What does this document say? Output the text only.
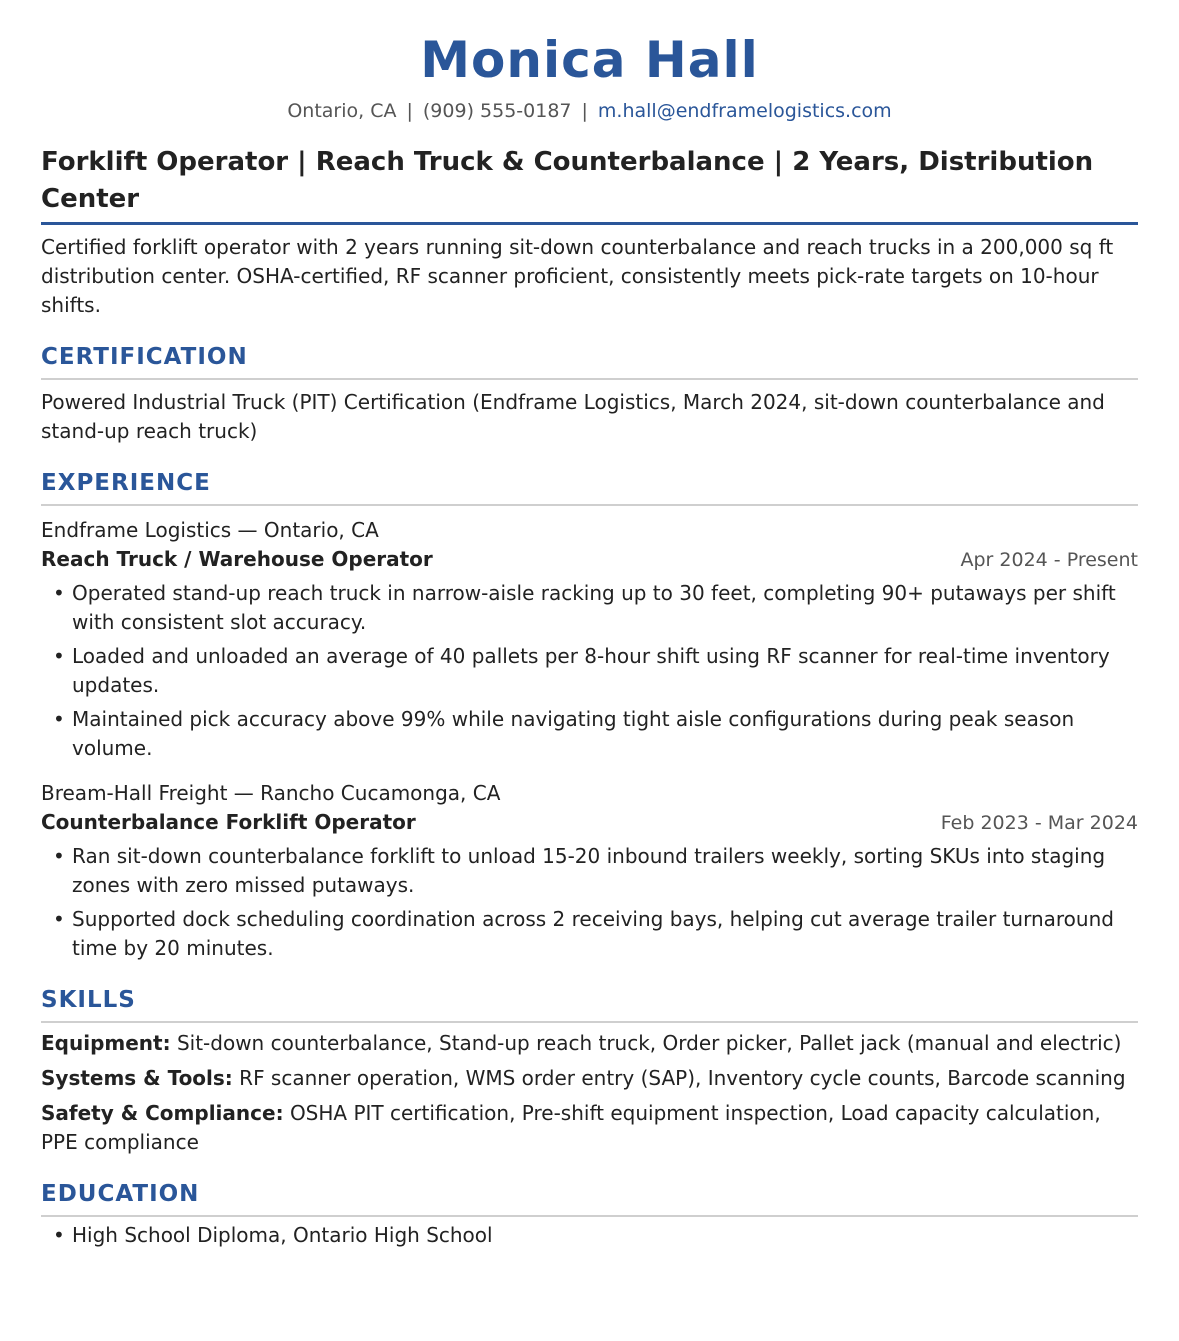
Monica Hall
Ontario, CA | (909) 555-0187 | m.hall@endframelogistics.com
Forklift Operator | Reach Truck & Counterbalance | 2 Years, Distribution Center

Certified forklift operator with 2 years running sit-down counterbalance and reach trucks in a 200,000 sq ft distribution center. OSHA-certified, RF scanner proficient, consistently meets pick-rate targets on 10-hour shifts.

CERTIFICATION
Powered Industrial Truck (PIT) Certification (Endframe Logistics, March 2024, sit-down counterbalance and stand-up reach truck)
EXPERIENCE
Endframe Logistics — Ontario, CA
Reach Truck / Warehouse Operator	Apr 2024 - Present
• Operated stand-up reach truck in narrow-aisle racking up to 30 feet, completing 90+ putaways per shift with consistent slot accuracy.
• Loaded and unloaded an average of 40 pallets per 8-hour shift using RF scanner for real-time inventory updates.
• Maintained pick accuracy above 99% while navigating tight aisle configurations during peak season volume.
Bream-Hall Freight — Rancho Cucamonga, CA
Counterbalance Forklift Operator	Feb 2023 - Mar 2024
• Ran sit-down counterbalance forklift to unload 15-20 inbound trailers weekly, sorting SKUs into staging zones with zero missed putaways.
• Supported dock scheduling coordination across 2 receiving bays, helping cut average trailer turnaround time by 20 minutes.
SKILLS
Equipment: Sit-down counterbalance, Stand-up reach truck, Order picker, Pallet jack (manual and electric)
Systems & Tools: RF scanner operation, WMS order entry (SAP), Inventory cycle counts, Barcode scanning
Safety & Compliance: OSHA PIT certification, Pre-shift equipment inspection, Load capacity calculation, PPE compliance
EDUCATION
• High School Diploma, Ontario High School
